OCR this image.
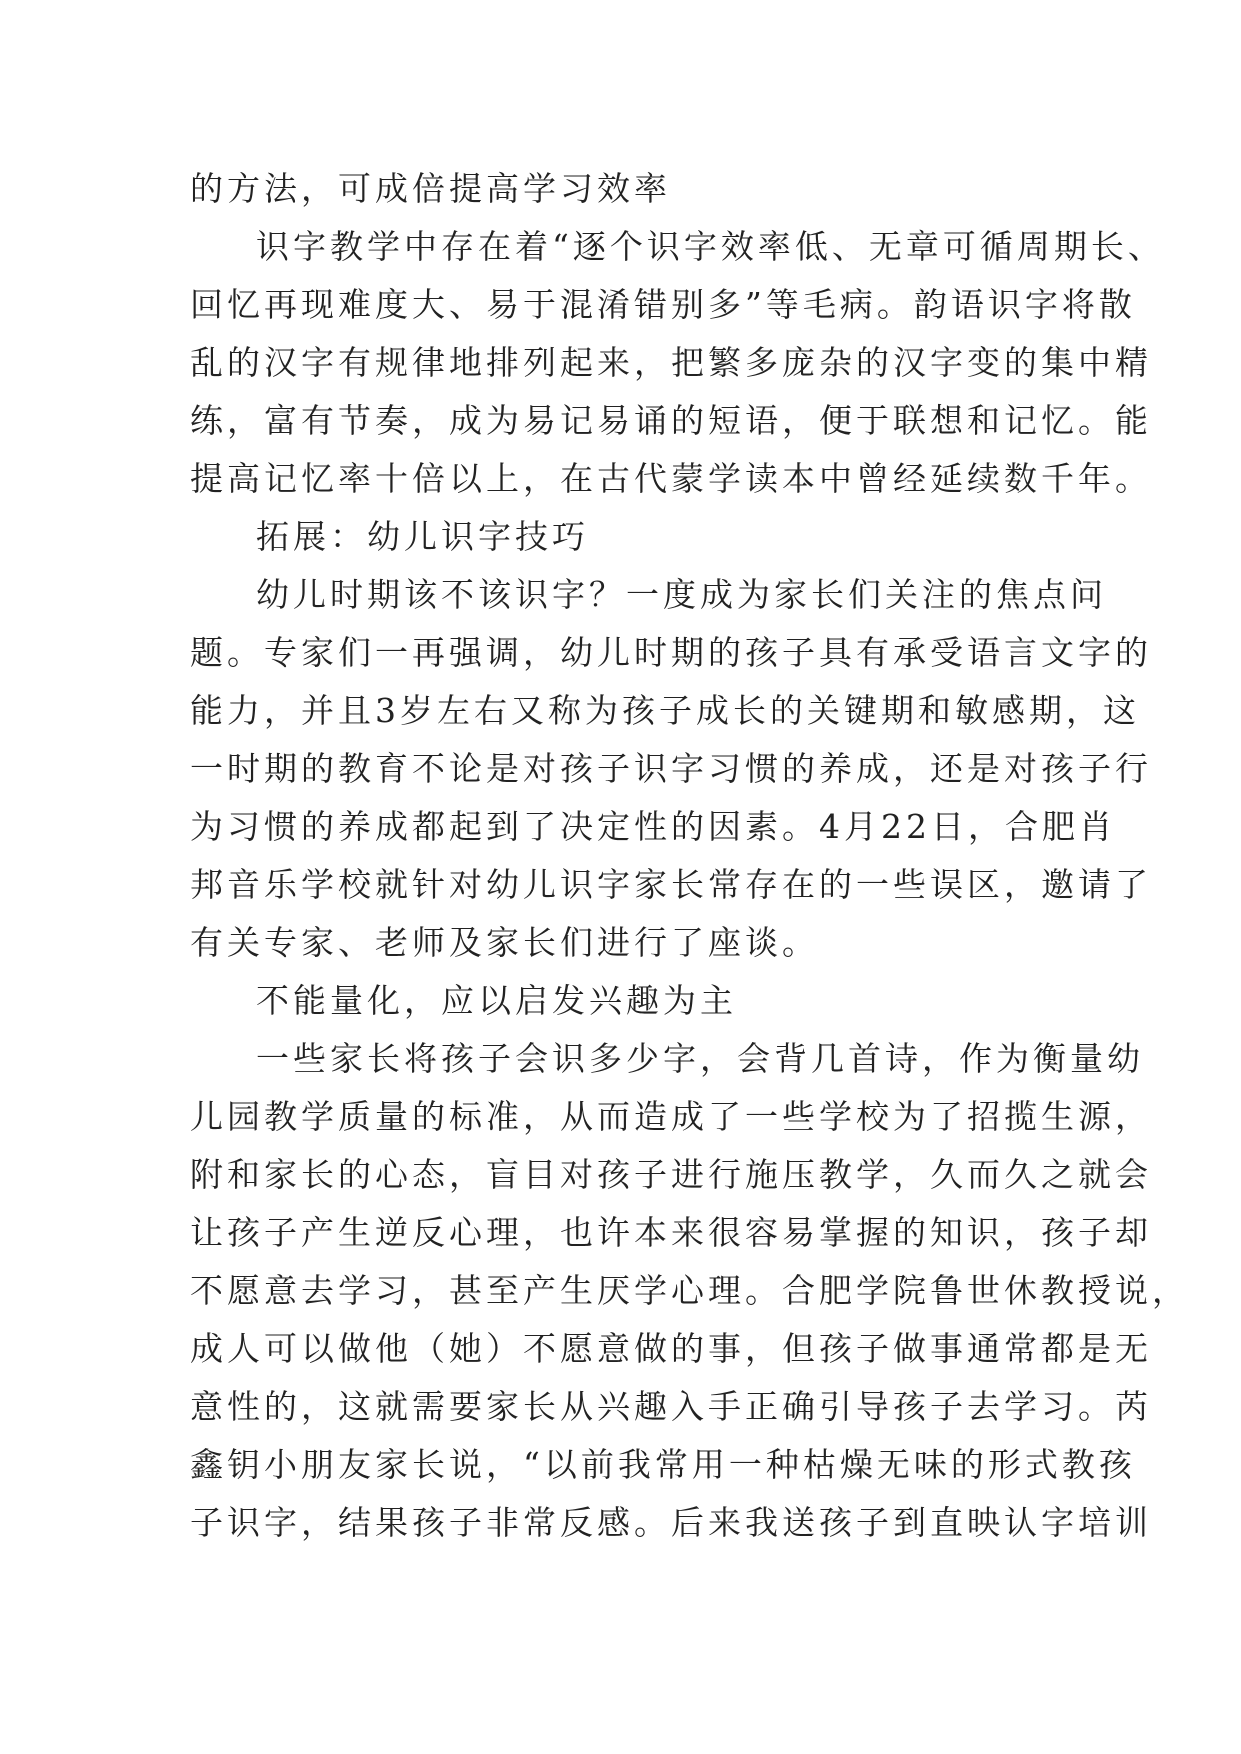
的方法，可成倍提高学习效率
识字教学中存在着“逐个识字效率低、无章可循周期长、
回忆再现难度大、易于混淆错别多”等毛病。韵语识字将散
乱的汉字有规律地排列起来，把繁多庞杂的汉字变的集中精
练，富有节奏，成为易记易诵的短语，便于联想和记忆。能
提高记忆率十倍以上，在古代蒙学读本中曾经延续数千年。
拓展：幼儿识字技巧
幼儿时期该不该识字？一度成为家长们关注的焦点问
题。专家们一再强调，幼儿时期的孩子具有承受语言文字的
能力，并且3岁左右又称为孩子成长的关键期和敏感期，这
一时期的教育不论是对孩子识字习惯的养成，还是对孩子行
为习惯的养成都起到了决定性的因素。4月22日，合肥肖
邦音乐学校就针对幼儿识字家长常存在的一些误区，邀请了
有关专家、老师及家长们进行了座谈。
不能量化，应以启发兴趣为主
一些家长将孩子会识多少字，会背几首诗，作为衡量幼
儿园教学质量的标准，从而造成了一些学校为了招揽生源，
附和家长的心态，盲目对孩子进行施压教学，久而久之就会
让孩子产生逆反心理，也许本来很容易掌握的知识，孩子却
不愿意去学习，甚至产生厌学心理。合肥学院鲁世休教授说，
成人可以做他（她）不愿意做的事，但孩子做事通常都是无
意性的，这就需要家长从兴趣入手正确引导孩子去学习。芮
鑫钥小朋友家长说，“以前我常用一种枯燥无味的形式教孩
子识字，结果孩子非常反感。后来我送孩子到直映认字培训
